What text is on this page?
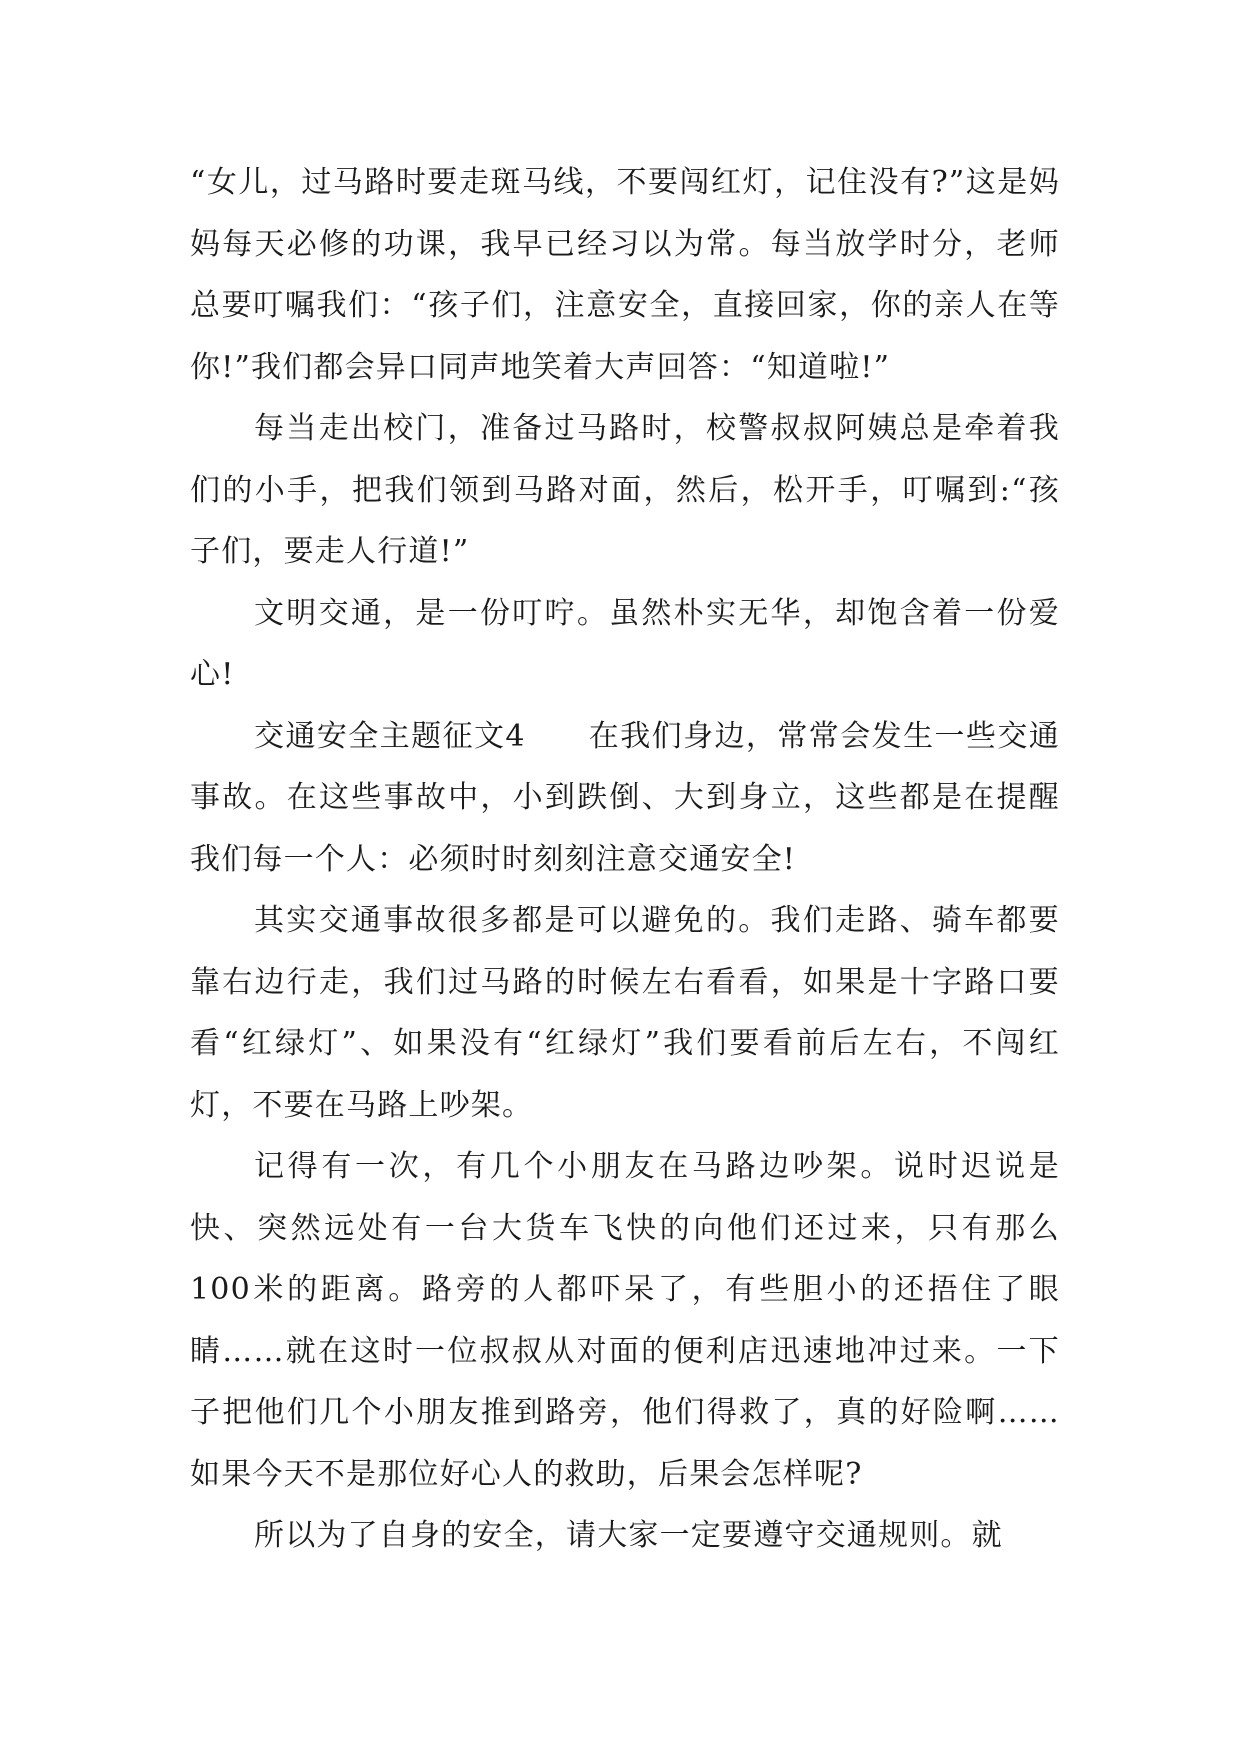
“女儿，过马路时要走斑马线，不要闯红灯，记住没有?”这是妈妈每天必修的功课，我早已经习以为常。每当放学时分，老师总要叮嘱我们：“孩子们，注意安全，直接回家，你的亲人在等你!”我们都会异口同声地笑着大声回答：“知道啦!”

每当走出校门，准备过马路时，校警叔叔阿姨总是牵着我们的小手，把我们领到马路对面，然后，松开手，叮嘱到:“孩子们，要走人行道!”

文明交通，是一份叮咛。虽然朴实无华，却饱含着一份爱心!

交通安全主题征文4　　在我们身边，常常会发生一些交通事故。在这些事故中，小到跌倒、大到身立，这些都是在提醒我们每一个人：必须时时刻刻注意交通安全!

其实交通事故很多都是可以避免的。我们走路、骑车都要靠右边行走，我们过马路的时候左右看看，如果是十字路口要看“红绿灯”、如果没有“红绿灯”我们要看前后左右，不闯红灯，不要在马路上吵架。

记得有一次，有几个小朋友在马路边吵架。说时迟说是快、突然远处有一台大货车飞快的向他们还过来，只有那么100米的距离。路旁的人都吓呆了，有些胆小的还捂住了眼睛……就在这时一位叔叔从对面的便利店迅速地冲过来。一下子把他们几个小朋友推到路旁，他们得救了，真的好险啊……如果今天不是那位好心人的救助，后果会怎样呢?

所以为了自身的安全，请大家一定要遵守交通规则。就
